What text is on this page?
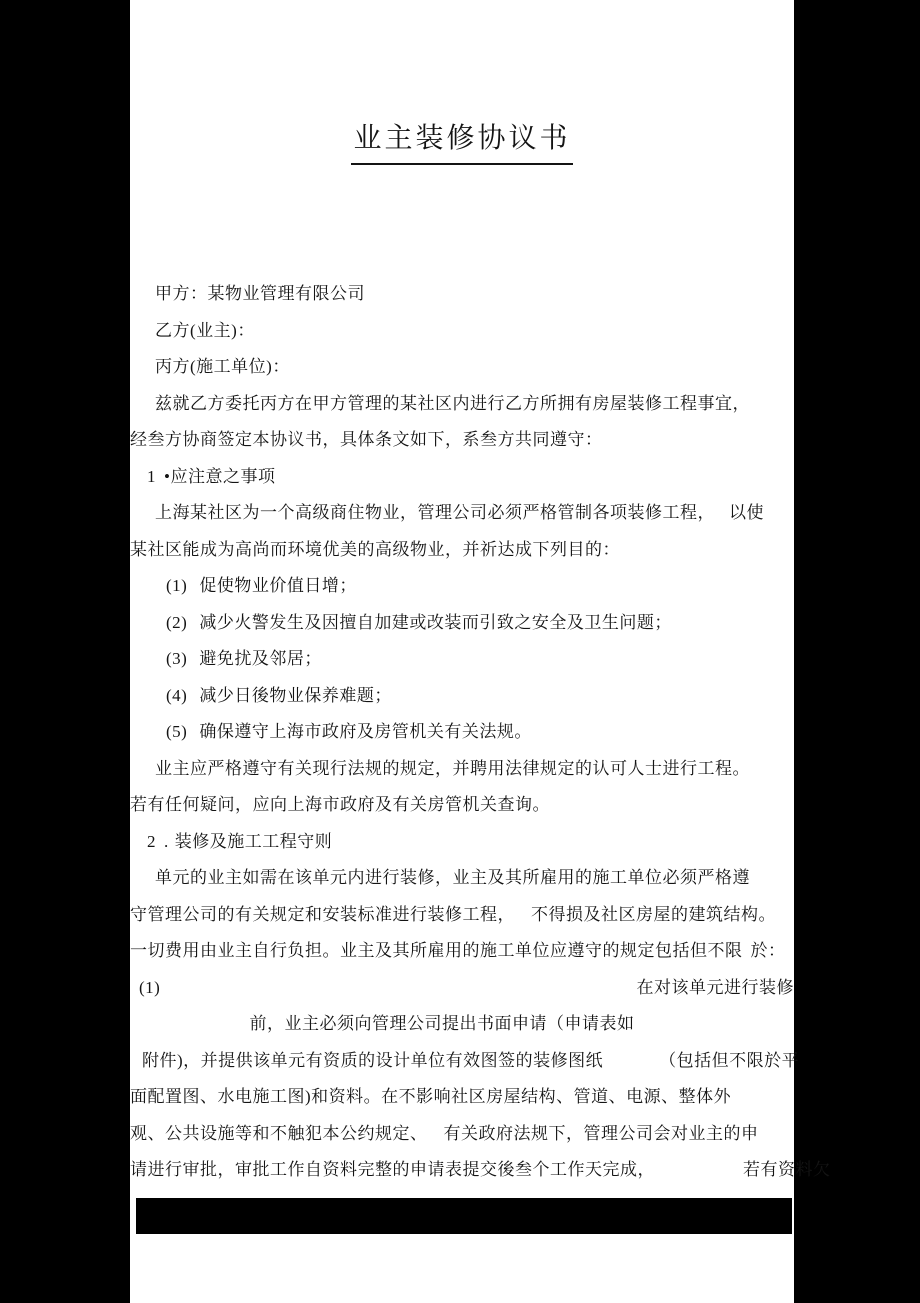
业主装修协议书
甲方：某物业管理有限公司
乙方(业主)：
丙方(施工单位)：
兹就乙方委托丙方在甲方管理的某社区内进行乙方所拥有房屋装修工程事宜，
经叁方协商签定本协议书，具体条文如下，系叁方共同遵守：
1 •应注意之事项
上海某社区为一个高级商住物业，管理公司必须严格管制各项装修工程， 以使
某社区能成为高尚而环境优美的高级物业，并祈达成下列目的：
(1) 促使物业价值日增；
(2) 减少火警发生及因擅自加建或改装而引致之安全及卫生问题；
(3) 避免扰及邻居；
(4) 减少日後物业保养难题；
(5) 确保遵守上海市政府及房管机关有关法规。
业主应严格遵守有关现行法规的规定，并聘用法律规定的认可人士进行工程。
若有任何疑问，应向上海市政府及有关房管机关查询。
2 . 装修及施工工程守则
单元的业主如需在该单元内进行装修，业主及其所雇用的施工单位必须严格遵
守管理公司的有关规定和安装标准进行装修工程， 不得损及社区房屋的建筑结构。
一切费用由业主自行负担。业主及其所雇用的施工单位应遵守的规定包括但不限 於：
(1)	在对该单元进行装修
前，业主必须向管理公司提出书面申请（申请表如
附件)，并提供该单元有资质的设计单位有效图签的装修图纸	（包括但不限於平
面配置图、水电施工图)和资料。在不影响社区房屋结构、管道、电源、整体外
观、公共设施等和不触犯本公约规定、 有关政府法规下，管理公司会对业主的申
请进行审批，审批工作自资料完整的申请表提交後叁个工作天完成，	若有资料欠
